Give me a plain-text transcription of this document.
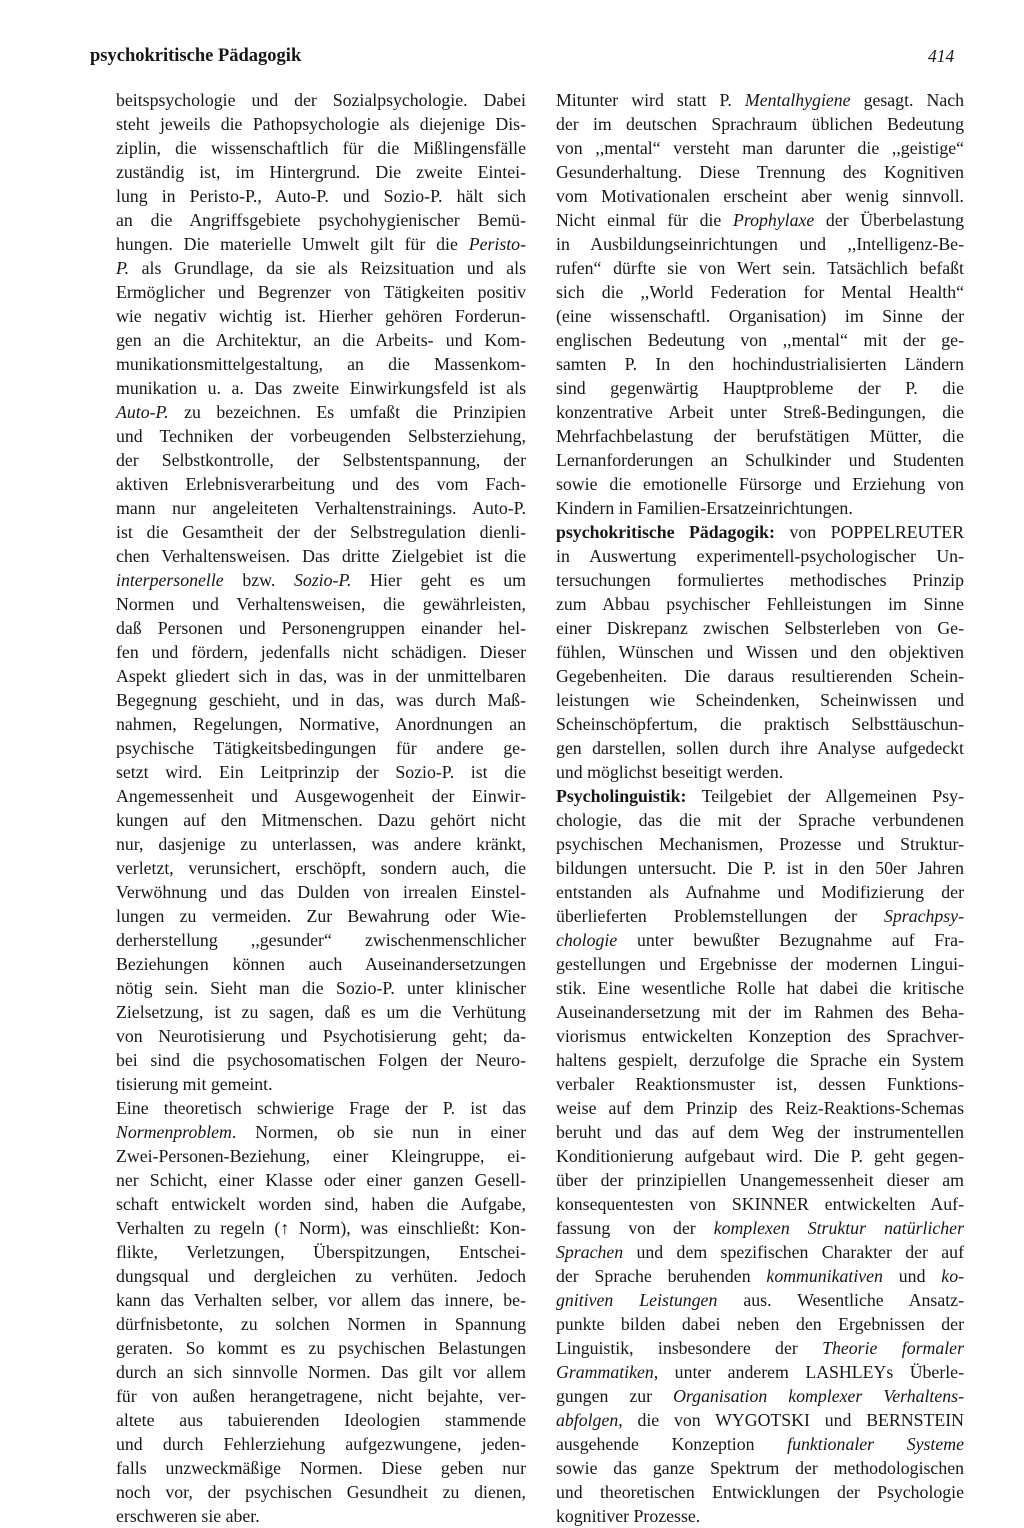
psychokritische Pädagogik	414
beitspsychologie und der Sozialpsychologie. Dabei
steht jeweils die Pathopsychologie als diejenige Dis-
ziplin, die wissenschaftlich für die Mißlingensfälle
zuständig ist, im Hintergrund. Die zweite Eintei-
lung in Peristo-P., Auto-P. und Sozio-P. hält sich
an die Angriffsgebiete psychohygienischer Bemü-
hungen. Die materielle Umwelt gilt für die Peristo-
P. als Grundlage, da sie als Reizsituation und als
Ermöglicher und Begrenzer von Tätigkeiten positiv
wie negativ wichtig ist. Hierher gehören Forderun-
gen an die Architektur, an die Arbeits- und Kom-
munikationsmittelgestaltung, an die Massenkom-
munikation u. a. Das zweite Einwirkungsfeld ist als
Auto-P. zu bezeichnen. Es umfaßt die Prinzipien
und Techniken der vorbeugenden Selbsterziehung,
der Selbstkontrolle, der Selbstentspannung, der
aktiven Erlebnisverarbeitung und des vom Fach-
mann nur angeleiteten Verhaltenstrainings. Auto-P.
ist die Gesamtheit der der Selbstregulation dienli-
chen Verhaltensweisen. Das dritte Zielgebiet ist die
interpersonelle bzw. Sozio-P. Hier geht es um
Normen und Verhaltensweisen, die gewährleisten,
daß Personen und Personengruppen einander hel-
fen und fördern, jedenfalls nicht schädigen. Dieser
Aspekt gliedert sich in das, was in der unmittelbaren
Begegnung geschieht, und in das, was durch Maß-
nahmen, Regelungen, Normative, Anordnungen an
psychische Tätigkeitsbedingungen für andere ge-
setzt wird. Ein Leitprinzip der Sozio-P. ist die
Angemessenheit und Ausgewogenheit der Einwir-
kungen auf den Mitmenschen. Dazu gehört nicht
nur, dasjenige zu unterlassen, was andere kränkt,
verletzt, verunsichert, erschöpft, sondern auch, die
Verwöhnung und das Dulden von irrealen Einstel-
lungen zu vermeiden. Zur Bewahrung oder Wie-
derherstellung ,,gesunder“ zwischenmenschlicher
Beziehungen können auch Auseinandersetzungen
nötig sein. Sieht man die Sozio-P. unter klinischer
Zielsetzung, ist zu sagen, daß es um die Verhütung
von Neurotisierung und Psychotisierung geht; da-
bei sind die psychosomatischen Folgen der Neuro-
tisierung mit gemeint.
Eine theoretisch schwierige Frage der P. ist das
Normenproblem. Normen, ob sie nun in einer
Zwei-Personen-Beziehung, einer Kleingruppe, ei-
ner Schicht, einer Klasse oder einer ganzen Gesell-
schaft entwickelt worden sind, haben die Aufgabe,
Verhalten zu regeln (↑ Norm), was einschließt: Kon-
flikte, Verletzungen, Überspitzungen, Entschei-
dungsqual und dergleichen zu verhüten. Jedoch
kann das Verhalten selber, vor allem das innere, be-
dürfnisbetonte, zu solchen Normen in Spannung
geraten. So kommt es zu psychischen Belastungen
durch an sich sinnvolle Normen. Das gilt vor allem
für von außen herangetragene, nicht bejahte, ver-
altete aus tabuierenden Ideologien stammende
und durch Fehlerziehung aufgezwungene, jeden-
falls unzweckmäßige Normen. Diese geben nur
noch vor, der psychischen Gesundheit zu dienen,
erschweren sie aber.
Mitunter wird statt P. Mentalhygiene gesagt. Nach
der im deutschen Sprachraum üblichen Bedeutung
von ,,mental“ versteht man darunter die ,,geistige“
Gesunderhaltung. Diese Trennung des Kognitiven
vom Motivationalen erscheint aber wenig sinnvoll.
Nicht einmal für die Prophylaxe der Überbelastung
in Ausbildungseinrichtungen und ,,Intelligenz-Be-
rufen“ dürfte sie von Wert sein. Tatsächlich befaßt
sich die ,,World Federation for Mental Health“
(eine wissenschaftl. Organisation) im Sinne der
englischen Bedeutung von ,,mental“ mit der ge-
samten P. In den hochindustrialisierten Ländern
sind gegenwärtig Hauptprobleme der P. die
konzentrative Arbeit unter Streß-Bedingungen, die
Mehrfachbelastung der berufstätigen Mütter, die
Lernanforderungen an Schulkinder und Studenten
sowie die emotionelle Fürsorge und Erziehung von
Kindern in Familien-Ersatzeinrichtungen.
psychokritische Pädagogik: von POPPELREUTER
in Auswertung experimentell-psychologischer Un-
tersuchungen formuliertes methodisches Prinzip
zum Abbau psychischer Fehlleistungen im Sinne
einer Diskrepanz zwischen Selbsterleben von Ge-
fühlen, Wünschen und Wissen und den objektiven
Gegebenheiten. Die daraus resultierenden Schein-
leistungen wie Scheindenken, Scheinwissen und
Scheinschöpfertum, die praktisch Selbsttäuschun-
gen darstellen, sollen durch ihre Analyse aufgedeckt
und möglichst beseitigt werden.
Psycholinguistik: Teilgebiet der Allgemeinen Psy-
chologie, das die mit der Sprache verbundenen
psychischen Mechanismen, Prozesse und Struktur-
bildungen untersucht. Die P. ist in den 50er Jahren
entstanden als Aufnahme und Modifizierung der
überlieferten Problemstellungen der Sprachpsy-
chologie unter bewußter Bezugnahme auf Fra-
gestellungen und Ergebnisse der modernen Lingui-
stik. Eine wesentliche Rolle hat dabei die kritische
Auseinandersetzung mit der im Rahmen des Beha-
viorismus entwickelten Konzeption des Sprachver-
haltens gespielt, derzufolge die Sprache ein System
verbaler Reaktionsmuster ist, dessen Funktions-
weise auf dem Prinzip des Reiz-Reaktions-Schemas
beruht und das auf dem Weg der instrumentellen
Konditionierung aufgebaut wird. Die P. geht gegen-
über der prinzipiellen Unangemessenheit dieser am
konsequentesten von SKINNER entwickelten Auf-
fassung von der komplexen Struktur natürlicher
Sprachen und dem spezifischen Charakter der auf
der Sprache beruhenden kommunikativen und ko-
gnitiven Leistungen aus. Wesentliche Ansatz-
punkte bilden dabei neben den Ergebnissen der
Linguistik, insbesondere der Theorie formaler
Grammatiken, unter anderem LASHLEYs Überle-
gungen zur Organisation komplexer Verhaltens-
abfolgen, die von WYGOTSKI und BERNSTEIN
ausgehende Konzeption funktionaler Systeme
sowie das ganze Spektrum der methodologischen
und theoretischen Entwicklungen der Psychologie
kognitiver Prozesse.
